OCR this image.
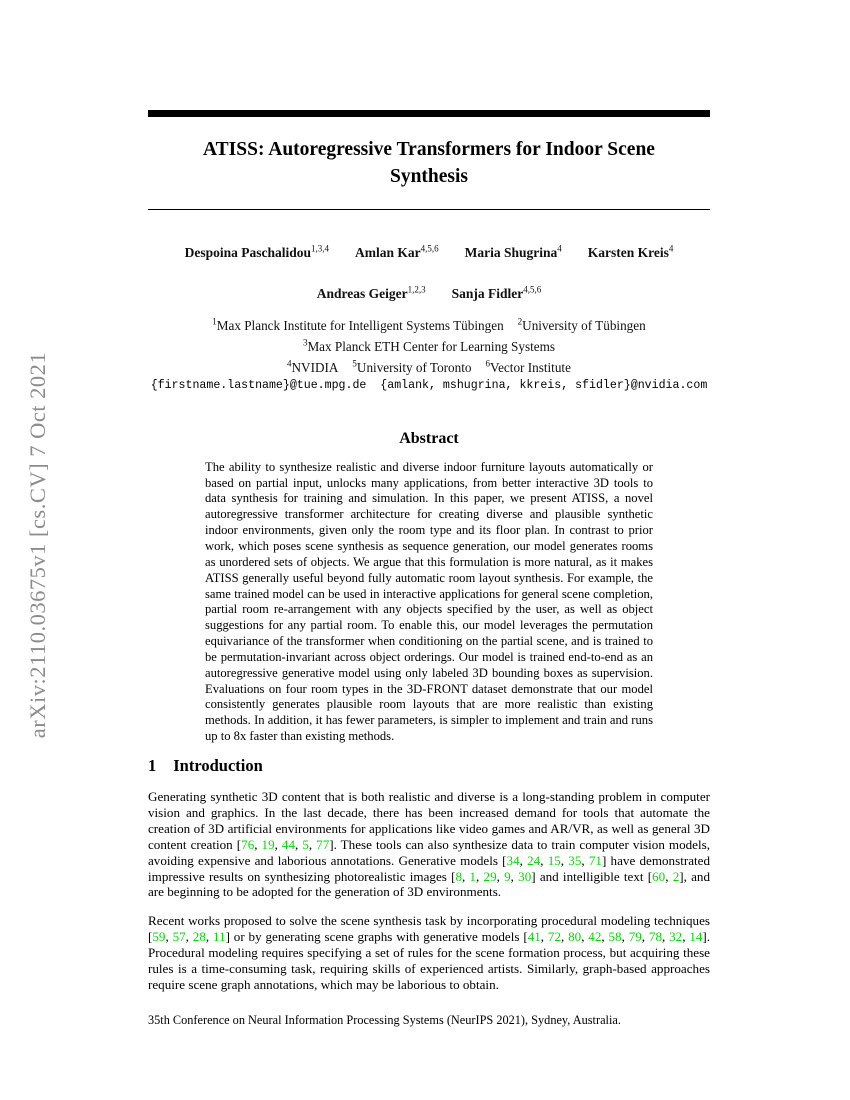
arXiv:2110.03675v1 [cs.CV] 7 Oct 2021
ATISS: Autoregressive Transformers for Indoor Scene Synthesis
Despoina Paschalidou$^{1,3,4}$ Amlan Kar$^{4,5,6}$ Maria Shugrina$^4$ Karsten Kreis$^4$
Andreas Geiger$^{1,2,3}$ Sanja Fidler$^{4,5,6}$
$^1$Max Planck Institute for Intelligent Systems Tübingen $^2$University of Tübingen
$^3$Max Planck ETH Center for Learning Systems
$^4$NVIDIA $^5$University of Toronto $^6$Vector Institute
{firstname.lastname}@tue.mpg.de  {amlank, mshugrina, kkreis, sfidler}@nvidia.com
Abstract

The ability to synthesize realistic and diverse indoor furniture layouts automatically or based on partial input, unlocks many applications, from better interactive 3D tools to data synthesis for training and simulation. In this paper, we present ATISS, a novel autoregressive transformer architecture for creating diverse and plausible synthetic indoor environments, given only the room type and its floor plan. In contrast to prior work, which poses scene synthesis as sequence generation, our model generates rooms as unordered sets of objects. We argue that this formulation is more natural, as it makes ATISS generally useful beyond fully automatic room layout synthesis. For example, the same trained model can be used in interactive applications for general scene completion, partial room re-arrangement with any objects specified by the user, as well as object suggestions for any partial room. To enable this, our model leverages the permutation equivariance of the transformer when conditioning on the partial scene, and is trained to be permutation-invariant across object orderings. Our model is trained end-to-end as an autoregressive generative model using only labeled 3D bounding boxes as supervision. Evaluations on four room types in the 3D-FRONT dataset demonstrate that our model consistently generates plausible room layouts that are more realistic than existing methods. In addition, it has fewer parameters, is simpler to implement and train and runs up to 8x faster than existing methods.

1 Introduction

Generating synthetic 3D content that is both realistic and diverse is a long-standing problem in computer vision and graphics. In the last decade, there has been increased demand for tools that automate the creation of 3D artificial environments for applications like video games and AR/VR, as well as general 3D content creation [76, 19, 44, 5, 77]. These tools can also synthesize data to train computer vision models, avoiding expensive and laborious annotations. Generative models [34, 24, 15, 35, 71] have demonstrated impressive results on synthesizing photorealistic images [8, 1, 29, 9, 30] and intelligible text [60, 2], and are beginning to be adopted for the generation of 3D environments.

Recent works proposed to solve the scene synthesis task by incorporating procedural modeling techniques [59, 57, 28, 11] or by generating scene graphs with generative models [41, 72, 80, 42, 58, 79, 78, 32, 14]. Procedural modeling requires specifying a set of rules for the scene formation process, but acquiring these rules is a time-consuming task, requiring skills of experienced artists. Similarly, graph-based approaches require scene graph annotations, which may be laborious to obtain.

35th Conference on Neural Information Processing Systems (NeurIPS 2021), Sydney, Australia.
